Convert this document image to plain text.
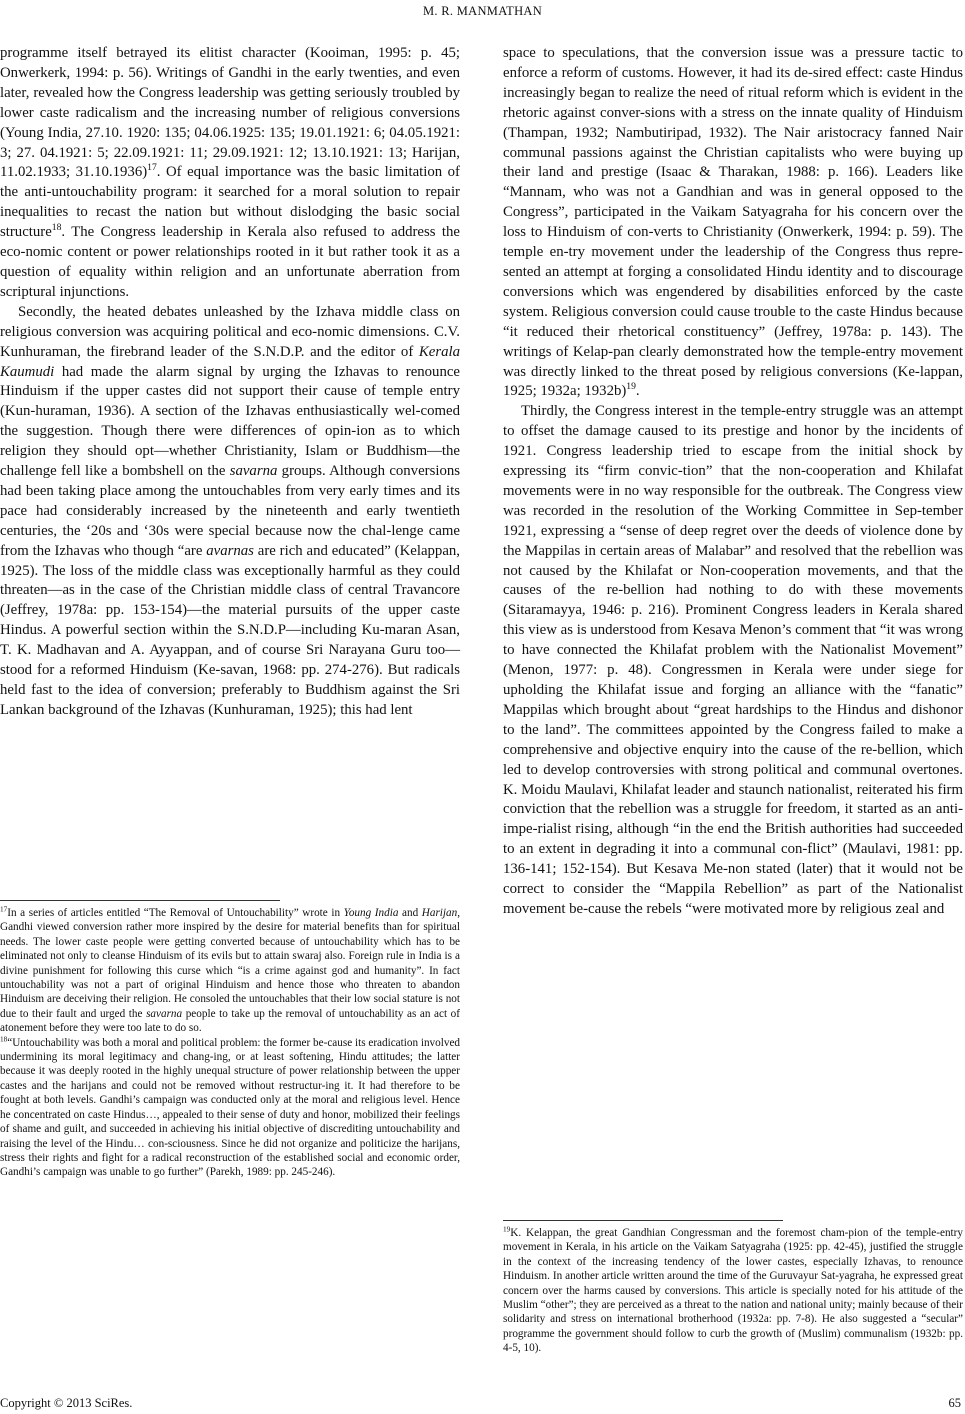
M. R. MANMATHAN

programme itself betrayed its elitist character (Kooiman, 1995: p. 45; Onwerkerk, 1994: p. 56). Writings of Gandhi in the early twenties, and even later, revealed how the Congress leadership was getting seriously troubled by lower caste radicalism and the increasing number of religious conversions (Young India, 27.10. 1920: 135; 04.06.1925: 135; 19.01.1921: 6; 04.05.1921: 3; 27. 04.1921: 5; 22.09.1921: 11; 29.09.1921: 12; 13.10.1921: 13; Harijan, 11.02.1933; 31.10.1936)$^{17}$. Of equal importance was the basic limitation of the anti-untouchability program: it searched for a moral solution to repair inequalities to recast the nation but without dislodging the basic social structure$^{18}$. The Congress leadership in Kerala also refused to address the eco-nomic content or power relationships rooted in it but rather took it as a question of equality within religion and an unfortunate aberration from scriptural injunctions.

Secondly, the heated debates unleashed by the Izhava middle class on religious conversion was acquiring political and eco-nomic dimensions. C.V. Kunhuraman, the firebrand leader of the S.N.D.P. and the editor of Kerala Kaumudi had made the alarm signal by urging the Izhavas to renounce Hinduism if the upper castes did not support their cause of temple entry (Kun-huraman, 1936). A section of the Izhavas enthusiastically wel-comed the suggestion. Though there were differences of opin-ion as to which religion they should opt—whether Christianity, Islam or Buddhism—the challenge fell like a bombshell on the savarna groups. Although conversions had been taking place among the untouchables from very early times and its pace had considerably increased by the nineteenth and early twentieth centuries, the ‘20s and ‘30s were special because now the chal-lenge came from the Izhavas who though “are avarnas are rich and educated” (Kelappan, 1925). The loss of the middle class was exceptionally harmful as they could threaten—as in the case of the Christian middle class of central Travancore (Jeffrey, 1978a: pp. 153-154)—the material pursuits of the upper caste Hindus. A powerful section within the S.N.D.P—including Ku-maran Asan, T. K. Madhavan and A. Ayyappan, and of course Sri Narayana Guru too—stood for a reformed Hinduism (Ke-savan, 1968: pp. 274-276). But radicals held fast to the idea of conversion; preferably to Buddhism against the Sri Lankan background of the Izhavas (Kunhuraman, 1925); this had lent

$^{17}$In a series of articles entitled “The Removal of Untouchability” wrote in Young India and Harijan, Gandhi viewed conversion rather more inspired by the desire for material benefits than for spiritual needs. The lower caste people were getting converted because of untouchability which has to be eliminated not only to cleanse Hinduism of its evils but to attain swaraj also. Foreign rule in India is a divine punishment for following this curse which “is a crime against god and humanity”. In fact untouchability was not a part of original Hinduism and hence those who threaten to abandon Hinduism are deceiving their religion. He consoled the untouchables that their low social stature is not due to their fault and urged the savarna people to take up the removal of untouchability as an act of atonement before they were too late to do so.

$^{18}$“Untouchability was both a moral and political problem: the former be-cause its eradication involved undermining its moral legitimacy and chang-ing, or at least softening, Hindu attitudes; the latter because it was deeply rooted in the highly unequal structure of power relationship between the upper castes and the harijans and could not be removed without restructur-ing it. It had therefore to be fought at both levels. Gandhi’s campaign was conducted only at the moral and religious level. Hence he concentrated on caste Hindus…, appealed to their sense of duty and honor, mobilized their feelings of shame and guilt, and succeeded in achieving his initial objective of discrediting untouchability and raising the level of the Hindu… con-sciousness. Since he did not organize and politicize the harijans, stress their rights and fight for a radical reconstruction of the established social and economic order, Gandhi’s campaign was unable to go further” (Parekh, 1989: pp. 245-246).

space to speculations, that the conversion issue was a pressure tactic to enforce a reform of customs. However, it had its de-sired effect: caste Hindus increasingly began to realize the need of ritual reform which is evident in the rhetoric against conver-sions with a stress on the innate quality of Hinduism (Thampan, 1932; Nambutiripad, 1932). The Nair aristocracy fanned Nair communal passions against the Christian capitalists who were buying up their land and prestige (Isaac & Tharakan, 1988: p. 166). Leaders like “Mannam, who was not a Gandhian and was in general opposed to the Congress”, participated in the Vaikam Satyagraha for his concern over the loss to Hinduism of con-verts to Christianity (Onwerkerk, 1994: p. 59). The temple en-try movement under the leadership of the Congress thus repre-sented an attempt at forging a consolidated Hindu identity and to discourage conversions which was engendered by disabilities enforced by the caste system. Religious conversion could cause trouble to the caste Hindus because “it reduced their rhetorical constituency” (Jeffrey, 1978a: p. 143). The writings of Kelap-pan clearly demonstrated how the temple-entry movement was directly linked to the threat posed by religious conversions (Ke-lappan, 1925; 1932a; 1932b)$^{19}$.

Thirdly, the Congress interest in the temple-entry struggle was an attempt to offset the damage caused to its prestige and honor by the incidents of 1921. Congress leadership tried to escape from the initial shock by expressing its “firm convic-tion” that the non-cooperation and Khilafat movements were in no way responsible for the outbreak. The Congress view was recorded in the resolution of the Working Committee in Sep-tember 1921, expressing a “sense of deep regret over the deeds of violence done by the Mappilas in certain areas of Malabar” and resolved that the rebellion was not caused by the Khilafat or Non-cooperation movements, and that the causes of the re-bellion had nothing to do with these movements (Sitaramayya, 1946: p. 216). Prominent Congress leaders in Kerala shared this view as is understood from Kesava Menon’s comment that “it was wrong to have connected the Khilafat problem with the Nationalist Movement” (Menon, 1977: p. 48). Congressmen in Kerala were under siege for upholding the Khilafat issue and forging an alliance with the “fanatic” Mappilas which brought about “great hardships to the Hindus and dishonor to the land”. The committees appointed by the Congress failed to make a comprehensive and objective enquiry into the cause of the re-bellion, which led to develop controversies with strong political and communal overtones. K. Moidu Maulavi, Khilafat leader and staunch nationalist, reiterated his firm conviction that the rebellion was a struggle for freedom, it started as an anti-impe-rialist rising, although “in the end the British authorities had succeeded to an extent in degrading it into a communal con-flict” (Maulavi, 1981: pp. 136-141; 152-154). But Kesava Me-non stated (later) that it would not be correct to consider the “Mappila Rebellion” as part of the Nationalist movement be-cause the rebels “were motivated more by religious zeal and

$^{19}$K. Kelappan, the great Gandhian Congressman and the foremost cham-pion of the temple-entry movement in Kerala, in his article on the Vaikam Satyagraha (1925: pp. 42-45), justified the struggle in the context of the increasing tendency of the lower castes, especially Izhavas, to renounce Hinduism. In another article written around the time of the Guruvayur Sat-yagraha, he expressed great concern over the harms caused by conversions. This article is specially noted for his attitude of the Muslim “other”; they are perceived as a threat to the nation and national unity; mainly because of their solidarity and stress on international brotherhood (1932a: pp. 7-8). He also suggested a “secular” programme the government should follow to curb the growth of (Muslim) communalism (1932b: pp. 4-5, 10).

Copyright © 2013 SciRes.	65
